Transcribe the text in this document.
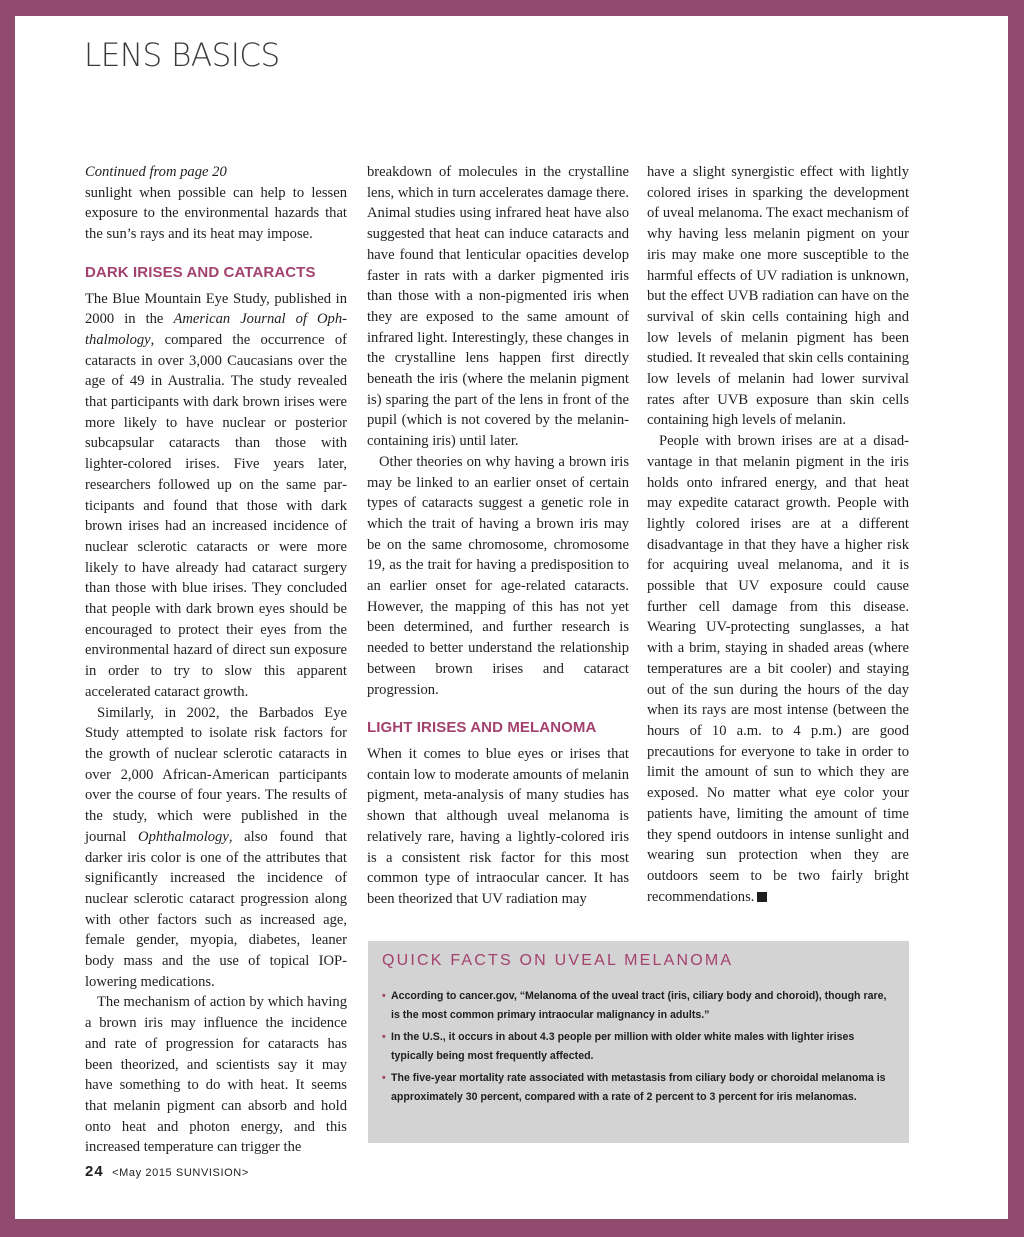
LENS BASICS

Continued from page 20
sunlight when possible can help to lessen exposure to the environmental hazards that the sun’s rays and its heat may impose.

DARK IRISES AND CATARACTS

The Blue Mountain Eye Study, published in 2000 in the American Journal of Ophthalmology, compared the occurrence of cataracts in over 3,000 Caucasians over the age of 49 in Australia. The study revealed that participants with dark brown irises were more likely to have nuclear or posterior subcapsular cataracts than those with lighter-colored irises. Five years later, researchers followed up on the same participants and found that those with dark brown irises had an increased incidence of nuclear sclerotic cataracts or were more likely to have already had cataract surgery than those with blue irises. They concluded that people with dark brown eyes should be encouraged to protect their eyes from the environmental hazard of direct sun exposure in order to try to slow this apparent accelerated cataract growth.

Similarly, in 2002, the Barbados Eye Study attempted to isolate risk factors for the growth of nuclear sclerotic cataracts in over 2,000 African-American participants over the course of four years. The results of the study, which were published in the journal Ophthalmology, also found that darker iris color is one of the attributes that significantly increased the incidence of nuclear sclerotic cataract progression along with other factors such as increased age, female gender, myopia, diabetes, leaner body mass and the use of topical IOP-lowering medications.

The mechanism of action by which having a brown iris may influence the incidence and rate of progression for cataracts has been theorized, and scientists say it may have something to do with heat. It seems that melanin pigment can absorb and hold onto heat and photon energy, and this increased temperature can trigger the

breakdown of molecules in the crystalline lens, which in turn accelerates damage there. Animal studies using infrared heat have also suggested that heat can induce cataracts and have found that lenticular opacities develop faster in rats with a darker pigmented iris than those with a non-pigmented iris when they are exposed to the same amount of infrared light. Interestingly, these changes in the crystalline lens happen first directly beneath the iris (where the melanin pigment is) sparing the part of the lens in front of the pupil (which is not covered by the melanin-containing iris) until later.

Other theories on why having a brown iris may be linked to an earlier onset of certain types of cataracts suggest a genetic role in which the trait of having a brown iris may be on the same chromosome, chromosome 19, as the trait for having a predisposition to an earlier onset for age-related cataracts. However, the mapping of this has not yet been determined, and further research is needed to better understand the relationship between brown irises and cataract progression.

LIGHT IRISES AND MELANOMA

When it comes to blue eyes or irises that contain low to moderate amounts of melanin pigment, meta-analysis of many studies has shown that although uveal melanoma is relatively rare, having a lightly-colored iris is a consistent risk factor for this most common type of intraocular cancer. It has been theorized that UV radiation may

have a slight synergistic effect with lightly colored irises in sparking the development of uveal melanoma. The exact mechanism of why having less melanin pigment on your iris may make one more susceptible to the harmful effects of UV radiation is unknown, but the effect UVB radiation can have on the survival of skin cells containing high and low levels of melanin pigment has been studied. It revealed that skin cells containing low levels of melanin had lower survival rates after UVB exposure than skin cells containing high levels of melanin.

People with brown irises are at a disadvantage in that melanin pigment in the iris holds onto infrared energy, and that heat may expedite cataract growth. People with lightly colored irises are at a different disadvantage in that they have a higher risk for acquiring uveal melanoma, and it is possible that UV exposure could cause further cell damage from this disease. Wearing UV-protecting sunglasses, a hat with a brim, staying in shaded areas (where temperatures are a bit cooler) and staying out of the sun during the hours of the day when its rays are most intense (between the hours of 10 a.m. to 4 p.m.) are good precautions for everyone to take in order to limit the amount of sun to which they are exposed. No matter what eye color your patients have, limiting the amount of time they spend outdoors in intense sunlight and wearing sun protection when they are outdoors seem to be two fairly bright recommendations.

QUICK FACTS ON UVEAL MELANOMA
• According to cancer.gov, “Melanoma of the uveal tract (iris, ciliary body and choroid), though rare, is the most common primary intraocular malignancy in adults.”
• In the U.S., it occurs in about 4.3 people per million with older white males with lighter irises typically being most frequently affected.
• The five-year mortality rate associated with metastasis from ciliary body or choroidal melanoma is approximately 30 percent, compared with a rate of 2 percent to 3 percent for iris melanomas.
24 <May 2015 SUNVISION>
